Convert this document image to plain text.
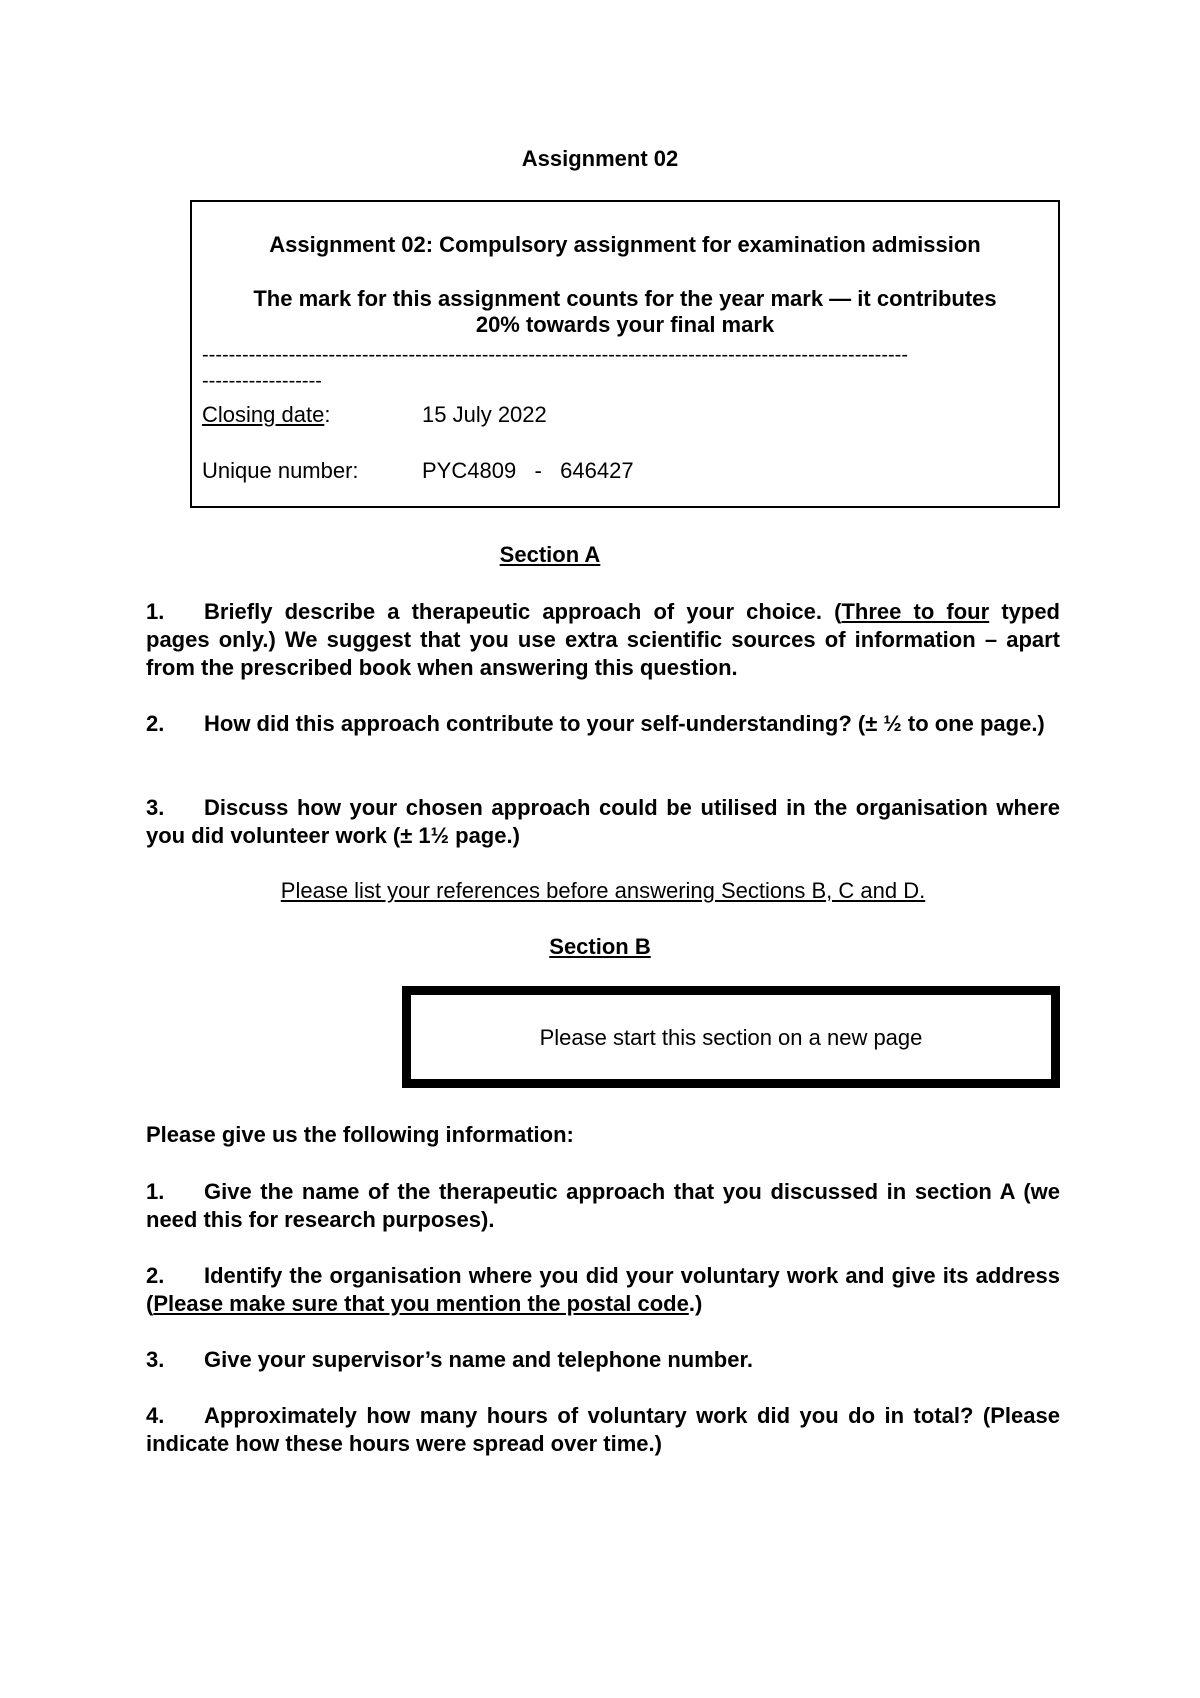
Assignment 02
Assignment 02: Compulsory assignment for examination admission
The mark for this assignment counts for the year mark — it contributes
20% towards your final mark
----------------------------------------------------------------------------------------------------------
------------------
Closing date:	15 July 2022
Unique number:	PYC4809   -   646427
Section A
1. Briefly describe a therapeutic approach of your choice. (Three to four typed pages only.) We suggest that you use extra scientific sources of information – apart from the prescribed book when answering this question.
2. How did this approach contribute to your self-understanding? (± ½ to one page.)
3. Discuss how your chosen approach could be utilised in the organisation where you did volunteer work (± 1½ page.)
Please list your references before answering Sections B, C and D.
Section B
Please start this section on a new page
Please give us the following information:
1. Give the name of the therapeutic approach that you discussed in section A (we   need this for research purposes).
2. Identify the organisation where you did your voluntary work and give its address (Please make sure that you mention the postal code.)
3. Give your supervisor’s name and telephone number.
4. Approximately how many hours of voluntary work did you do in total? (Please indicate how these hours were spread over time.)
